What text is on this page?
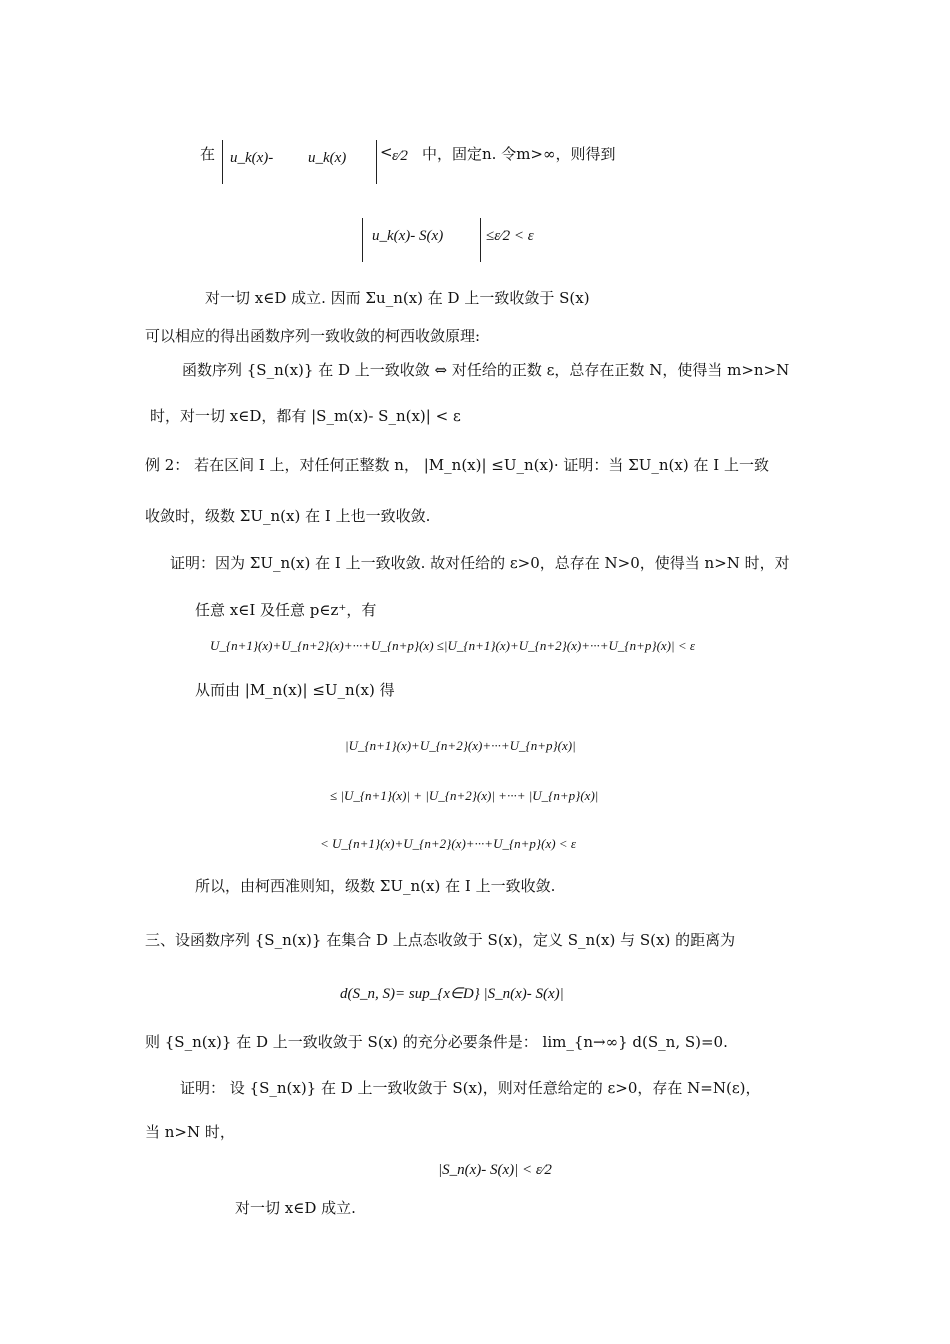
在 u_k(x)- u_k(x) < ε⁄2 中，固定n. 令m>∞，则得到
u_k(x)- S(x)	≤ε⁄2 < ε
对一切 x∈D 成立. 因而 Σu_n(x) 在 D 上一致收敛于 S(x)
可以相应的得出函数序列一致收敛的柯西收敛原理:
函数序列 {S_n(x)} 在 D 上一致收敛 ⇔ 对任给的正数 ε，总存在正数 N，使得当 m>n>N
时，对一切 x∈D，都有 |S_m(x)- S_n(x)| < ε
例 2： 若在区间 I 上，对任何正整数 n， |M_n(x)| ≤U_n(x)· 证明：当 ΣU_n(x) 在 I 上一致
收敛时，级数 ΣU_n(x) 在 I 上也一致收敛.
证明：因为 ΣU_n(x) 在 I 上一致收敛. 故对任给的 ε>0，总存在 N>0，使得当 n>N 时，对
任意 x∈I 及任意 p∈z⁺，有
U_{n+1}(x)+U_{n+2}(x)+···+U_{n+p}(x) ≤|U_{n+1}(x)+U_{n+2}(x)+···+U_{n+p}(x)| < ε
从而由 |M_n(x)| ≤U_n(x) 得
|U_{n+1}(x)+U_{n+2}(x)+···+U_{n+p}(x)|
≤ |U_{n+1}(x)| + |U_{n+2}(x)| +···+ |U_{n+p}(x)|
< U_{n+1}(x)+U_{n+2}(x)+···+U_{n+p}(x) < ε
所以，由柯西准则知，级数 ΣU_n(x) 在 I 上一致收敛.
三、设函数序列 {S_n(x)} 在集合 D 上点态收敛于 S(x)，定义 S_n(x) 与 S(x) 的距离为
d(S_n, S)= sup_{x∈D} |S_n(x)- S(x)|
则 {S_n(x)} 在 D 上一致收敛于 S(x) 的充分必要条件是： lim_{n→∞} d(S_n, S)=0.
证明： 设 {S_n(x)} 在 D 上一致收敛于 S(x)，则对任意给定的 ε>0，存在 N=N(ε)，
当 n>N 时，
|S_n(x)- S(x)| < ε⁄2
对一切 x∈D 成立.
